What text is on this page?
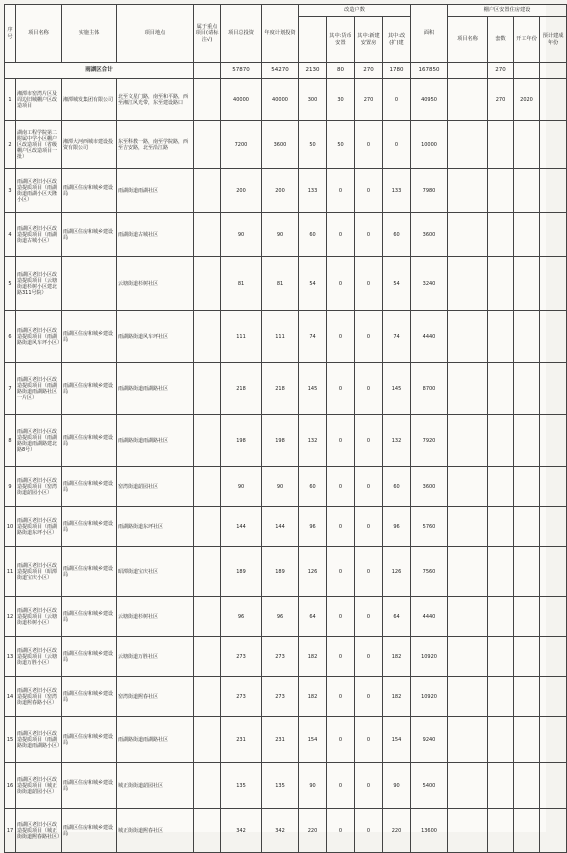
序号	项目名称	实施主体	项目地点	属于重点项目(请标注√)	项目总投资	年度计划投资	改造户数				面积	棚户区安置住房建设			
								其中:货币安置	其中:新建安置房	其中:改(扩)建		项目名称	套数	开工年份	预计建成年份
雨湖区合计					57870	54270	2130	80	270	1780	167850		270		
1	湘潭市窑湾片区及周边旧城棚户区改造项目	湘潭城发集团有限公司	北至文星门路，南至和平路，西至湘江风光带，东至建设路口		40000	40000	300	30	270	0	40950		270	2020	
2	湖南工程学院第二附属中学小区棚户区改造项目（省级棚户区改造项目一批）	湘潭大河西城市建设投资有限公司	东至科教一路，南至学院路，西至吉安路，北至沿江路		7200	3600	50	50	0	0	10000				
3	雨湖区老旧小区改造提质项目（雨湖街道雨湖小区天隆小区）	雨湖区住房和城乡建设局	雨湖街道雨湖社区		200	200	133	0	0	133	7980				
4	雨湖区老旧小区改造提质项目（雨湖街道古城小区）	雨湖区住房和城乡建设局	雨湖街道古城社区		90	90	60	0	0	60	3600				
5	雨湖区老旧小区改造提质项目（云塘街道杉树小区建北路311号院）		云塘街道杉树社区		81	81	54	0	0	54	3240				
6	雨湖区老旧小区改造提质项目（雨湖路街道风车坪小区）	雨湖区住房和城乡建设局	雨湖路街道风车坪社区		111	111	74	0	0	74	4440				
7	雨湖区老旧小区改造提质项目（雨湖路街道雨湖路社区一片区）	雨湖区住房和城乡建设局	雨湖路街道雨湖路社区		218	218	145	0	0	145	8700				
8	雨湖区老旧小区改造提质项目（雨湖路街道雨湖路建北路8号）	雨湖区住房和城乡建设局	雨湖路街道雨湖路社区		198	198	132	0	0	132	7920				
9	雨湖区老旧小区改造提质项目（窑湾街道韶园小区）	雨湖区住房和城乡建设局	窑湾街道韶园社区		90	90	60	0	0	60	3600				
10	雨湖区老旧小区改造提质项目（雨湖路街道东坪小区）	雨湖区住房和城乡建设局	雨湖路街道东坪社区		144	144	96	0	0	96	5760				
11	雨湖区老旧小区改造提质项目（昭潭街道宝庆小区）	雨湖区住房和城乡建设局	昭潭街道宝庆社区		189	189	126	0	0	126	7560				
12	雨湖区老旧小区改造提质项目（云塘街道杉树小区）	雨湖区住房和城乡建设局	云塘街道杉树社区		96	96	64	0	0	64	4440				
13	雨湖区老旧小区改造提质项目（云塘街道万胜小区）	雨湖区住房和城乡建设局	云塘街道万胜社区		273	273	182	0	0	182	10920				
14	雨湖区老旧小区改造提质项目（窑湾街道熙春路小区）	雨湖区住房和城乡建设局	窑湾街道熙春社区		273	273	182	0	0	182	10920				
15	雨湖区老旧小区改造提质项目（雨湖路街道雨湖路小区）	雨湖区住房和城乡建设局	雨湖路街道雨湖路社区		231	231	154	0	0	154	9240				
16	雨湖区老旧小区改造提质项目（城正街街道韶园小区）	雨湖区住房和城乡建设局	城正街街道韶园社区		135	135	90	0	0	90	5400				
17	雨湖区老旧小区改造提质项目（城正街街道熙春路社区）	雨湖区住房和城乡建设局	城正街街道熙春社区		342	342	220	0	0	220	13600				
